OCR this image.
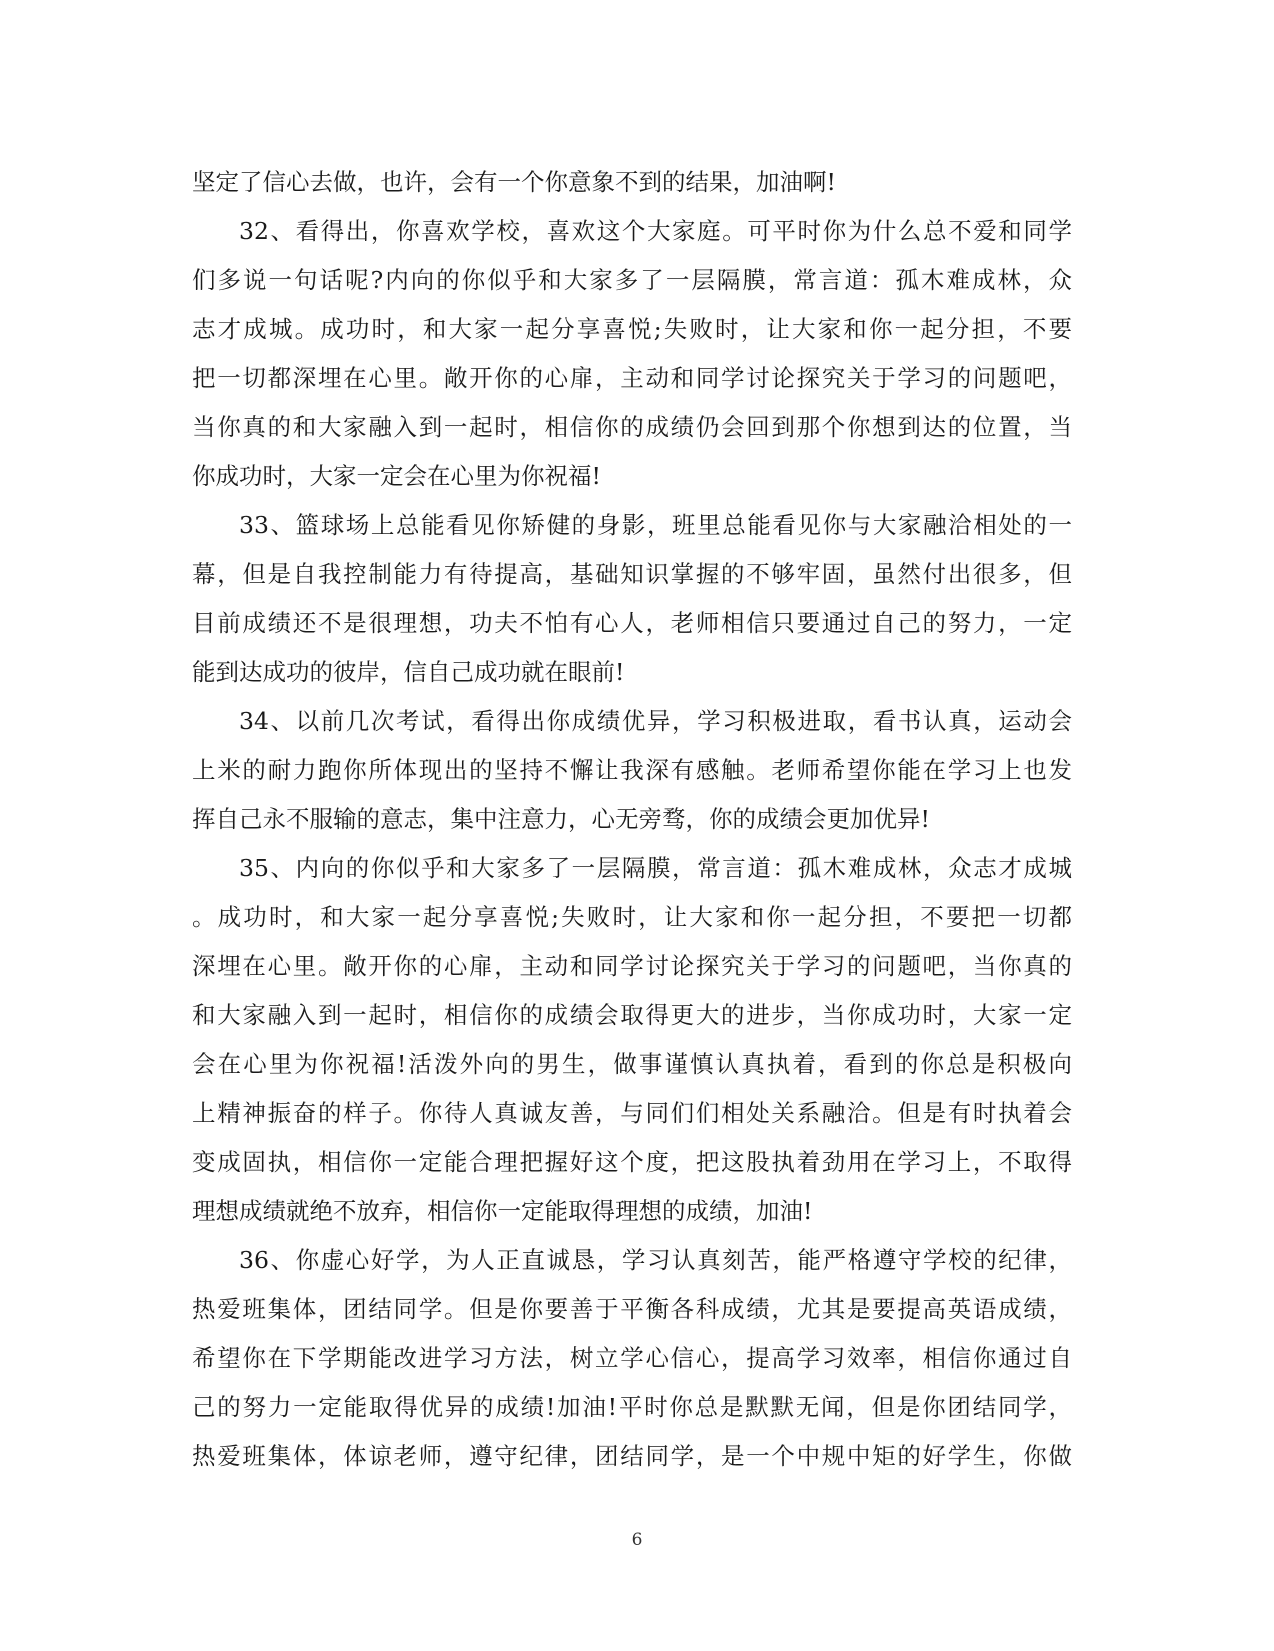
坚定了信心去做，也许，会有一个你意象不到的结果，加油啊!
32、看得出，你喜欢学校，喜欢这个大家庭。可平时你为什么总不爱和同学
们多说一句话呢?内向的你似乎和大家多了一层隔膜，常言道：孤木难成林，众
志才成城。成功时，和大家一起分享喜悦;失败时，让大家和你一起分担，不要
把一切都深埋在心里。敞开你的心扉，主动和同学讨论探究关于学习的问题吧，
当你真的和大家融入到一起时，相信你的成绩仍会回到那个你想到达的位置，当
你成功时，大家一定会在心里为你祝福!
33、篮球场上总能看见你矫健的身影，班里总能看见你与大家融洽相处的一
幕，但是自我控制能力有待提高，基础知识掌握的不够牢固，虽然付出很多，但
目前成绩还不是很理想，功夫不怕有心人，老师相信只要通过自己的努力，一定
能到达成功的彼岸，信自己成功就在眼前!
34、以前几次考试，看得出你成绩优异，学习积极进取，看书认真，运动会
上米的耐力跑你所体现出的坚持不懈让我深有感触。老师希望你能在学习上也发
挥自己永不服输的意志，集中注意力，心无旁骛，你的成绩会更加优异!
35、内向的你似乎和大家多了一层隔膜，常言道：孤木难成林，众志才成城
。成功时，和大家一起分享喜悦;失败时，让大家和你一起分担，不要把一切都
深埋在心里。敞开你的心扉，主动和同学讨论探究关于学习的问题吧，当你真的
和大家融入到一起时，相信你的成绩会取得更大的进步，当你成功时，大家一定
会在心里为你祝福!活泼外向的男生，做事谨慎认真执着，看到的你总是积极向
上精神振奋的样子。你待人真诚友善，与同们们相处关系融洽。但是有时执着会
变成固执，相信你一定能合理把握好这个度，把这股执着劲用在学习上，不取得
理想成绩就绝不放弃，相信你一定能取得理想的成绩，加油!
36、你虚心好学，为人正直诚恳，学习认真刻苦，能严格遵守学校的纪律，
热爱班集体，团结同学。但是你要善于平衡各科成绩，尤其是要提高英语成绩，
希望你在下学期能改进学习方法，树立学心信心，提高学习效率，相信你通过自
己的努力一定能取得优异的成绩!加油!平时你总是默默无闻，但是你团结同学，
热爱班集体，体谅老师，遵守纪律，团结同学，是一个中规中矩的好学生，你做
6
